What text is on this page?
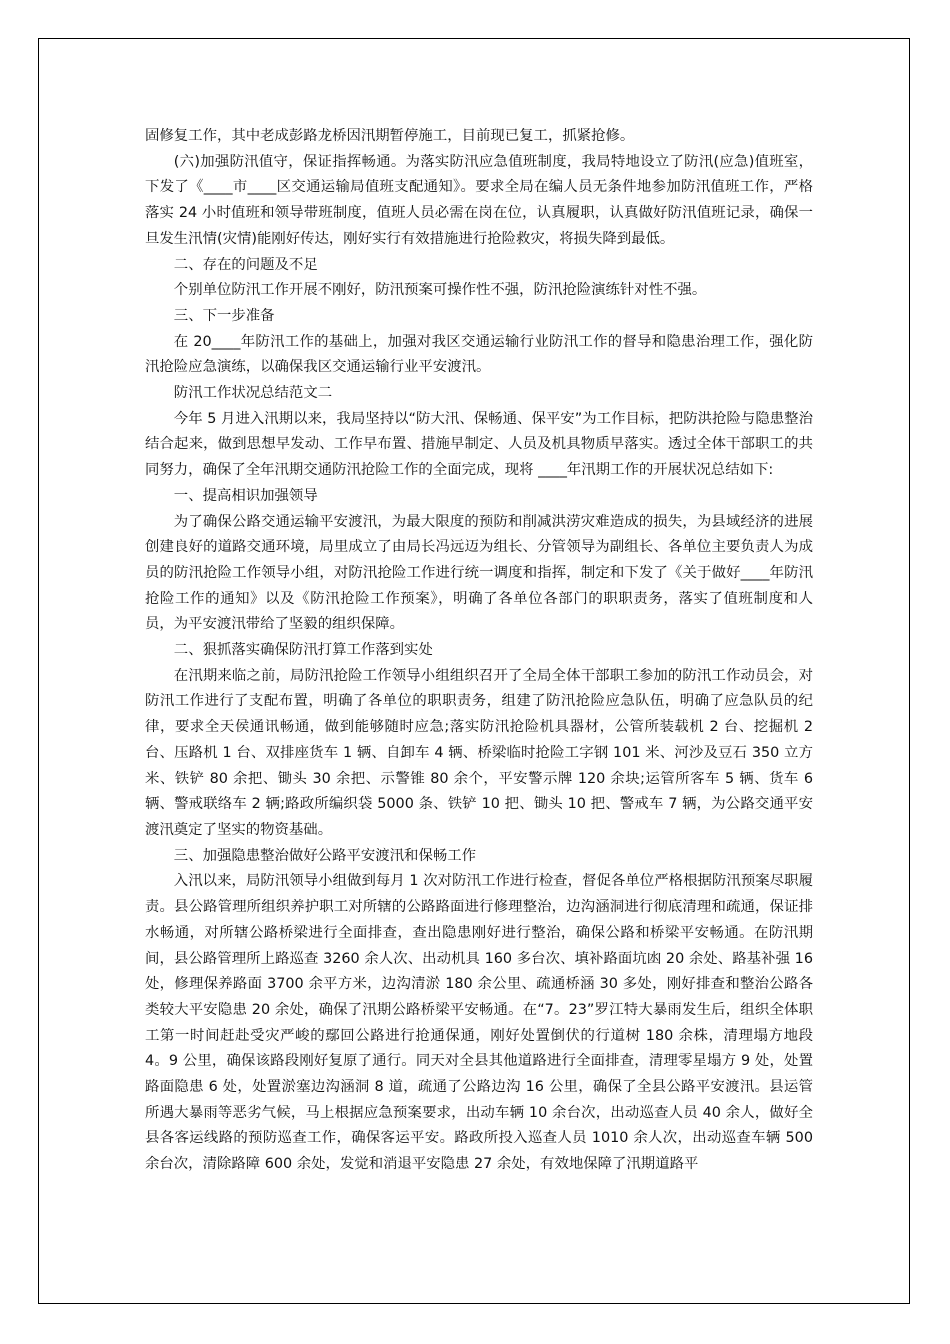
固修复工作，其中老成彭路龙桥因汛期暂停施工，目前现已复工，抓紧抢修。

(六)加强防汛值守，保证指挥畅通。为落实防汛应急值班制度，我局特地设立了防汛(应急)值班室，下发了《____市____区交通运输局值班支配通知》。要求全局在编人员无条件地参加防汛值班工作，严格落实 24 小时值班和领导带班制度，值班人员必需在岗在位，认真履职，认真做好防汛值班记录，确保一旦发生汛情(灾情)能刚好传达，刚好实行有效措施进行抢险救灾，将损失降到最低。

二、存在的问题及不足

个别单位防汛工作开展不刚好，防汛预案可操作性不强，防汛抢险演练针对性不强。

三、下一步准备

在 20____年防汛工作的基础上，加强对我区交通运输行业防汛工作的督导和隐患治理工作，强化防汛抢险应急演练，以确保我区交通运输行业平安渡汛。

防汛工作状况总结范文二

今年 5 月进入汛期以来，我局坚持以“防大汛、保畅通、保平安”为工作目标，把防洪抢险与隐患整治结合起来，做到思想早发动、工作早布置、措施早制定、人员及机具物质早落实。透过全体干部职工的共同努力，确保了全年汛期交通防汛抢险工作的全面完成，现将 ____年汛期工作的开展状况总结如下:

一、提高相识加强领导

为了确保公路交通运输平安渡汛，为最大限度的预防和削减洪涝灾难造成的损失，为县域经济的进展创建良好的道路交通环境，局里成立了由局长冯远迈为组长、分管领导为副组长、各单位主要负责人为成员的防汛抢险工作领导小组，对防汛抢险工作进行统一调度和指挥，制定和下发了《关于做好____年防汛抢险工作的通知》以及《防汛抢险工作预案》，明确了各单位各部门的职职责务，落实了值班制度和人员，为平安渡汛带给了坚毅的组织保障。

二、狠抓落实确保防汛打算工作落到实处

在汛期来临之前，局防汛抢险工作领导小组组织召开了全局全体干部职工参加的防汛工作动员会，对防汛工作进行了支配布置，明确了各单位的职职责务，组建了防汛抢险应急队伍，明确了应急队员的纪律，要求全天侯通讯畅通，做到能够随时应急;落实防汛抢险机具器材，公管所装载机 2 台、挖掘机 2 台、压路机 1 台、双排座货车 1 辆、自卸车 4 辆、桥梁临时抢险工字钢 101 米、河沙及豆石 350 立方米、铁铲 80 余把、锄头 30 余把、示警锥 80 余个，平安警示牌 120 余块;运管所客车 5 辆、货车 6 辆、警戒联络车 2 辆;路政所编织袋 5000 条、铁铲 10 把、锄头 10 把、警戒车 7 辆，为公路交通平安渡汛奠定了坚实的物资基础。

三、加强隐患整治做好公路平安渡汛和保畅工作

入汛以来，局防汛领导小组做到每月 1 次对防汛工作进行检查，督促各单位严格根据防汛预案尽职履责。县公路管理所组织养护职工对所辖的公路路面进行修理整治，边沟涵洞进行彻底清理和疏通，保证排水畅通，对所辖公路桥梁进行全面排查，查出隐患刚好进行整治，确保公路和桥梁平安畅通。在防汛期间，县公路管理所上路巡查 3260 余人次、出动机具 160 多台次、填补路面坑凼 20 余处、路基补强 16 处，修理保养路面 3700 余平方米，边沟清淤 180 余公里、疏通桥涵 30 多处，刚好排查和整治公路各类较大平安隐患 20 余处，确保了汛期公路桥梁平安畅通。在“7。23”罗江特大暴雨发生后，组织全体职工第一时间赶赴受灾严峻的鄢回公路进行抢通保通，刚好处置倒伏的行道树 180 余株，清理塌方地段 4。9 公里，确保该路段刚好复原了通行。同天对全县其他道路进行全面排查，清理零星塌方 9 处，处置路面隐患 6 处，处置淤塞边沟涵洞 8 道，疏通了公路边沟 16 公里，确保了全县公路平安渡汛。县运管所遇大暴雨等恶劣气候，马上根据应急预案要求，出动车辆 10 余台次，出动巡查人员 40 余人，做好全县各客运线路的预防巡查工作，确保客运平安。路政所投入巡查人员 1010 余人次，出动巡查车辆 500 余台次，清除路障 600 余处，发觉和消退平安隐患 27 余处，有效地保障了汛期道路平
